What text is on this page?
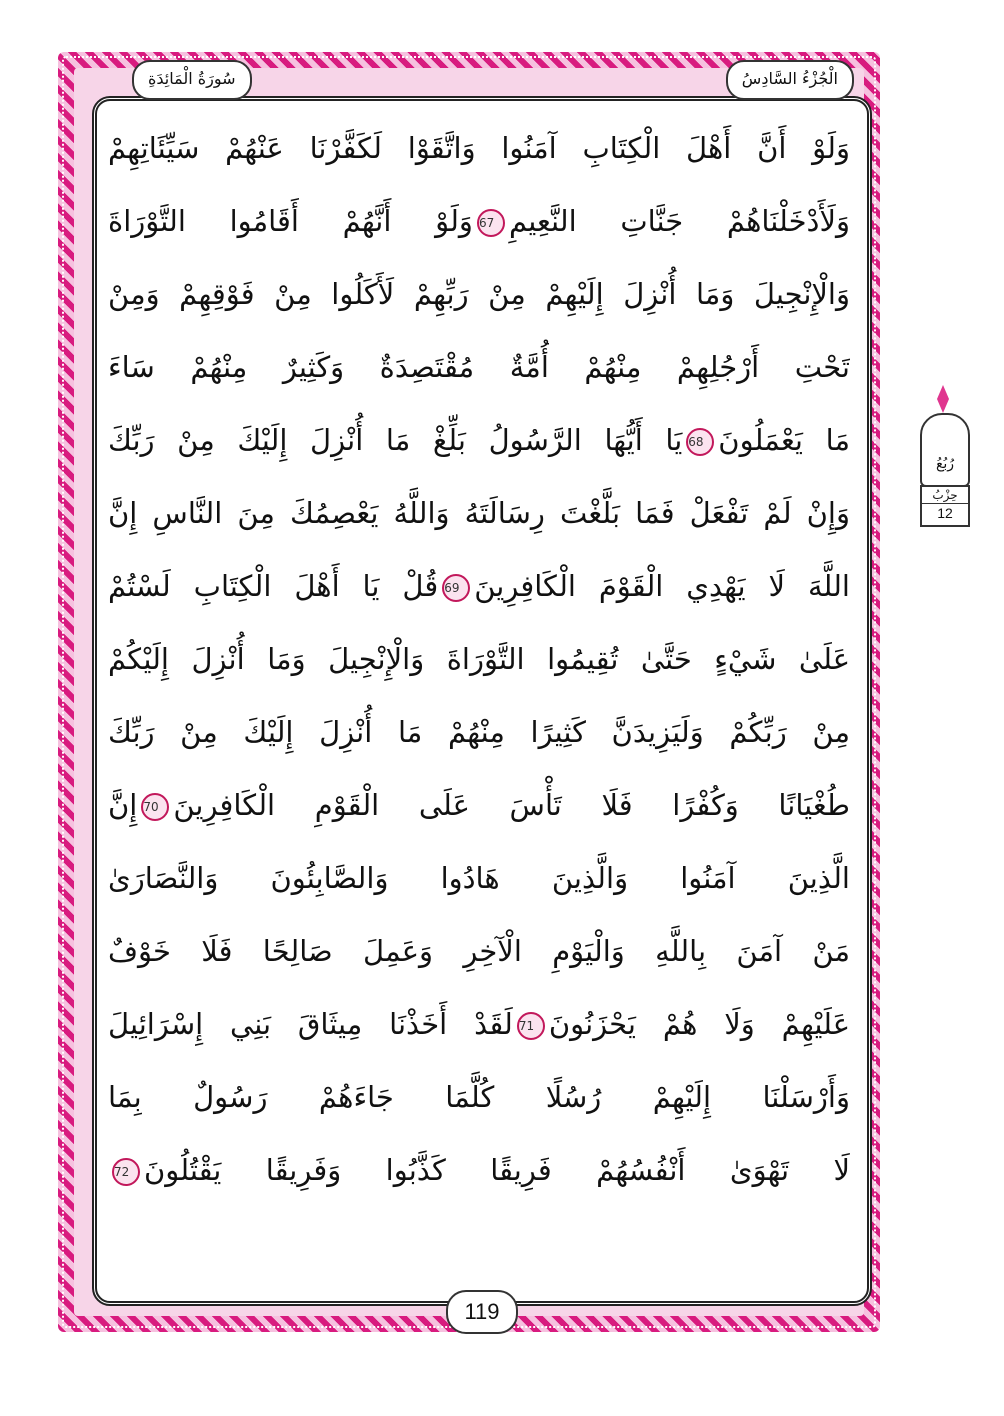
الْجُزْءُ السَّادِسُ
سُورَةُ الْمَائِدَةِ
وَلَوْ أَنَّ أَهْلَ الْكِتَابِ آمَنُوا وَاتَّقَوْا لَكَفَّرْنَا عَنْهُمْ سَيِّئَاتِهِمْ
وَلَأَدْخَلْنَاهُمْ جَنَّاتِ النَّعِيمِ67وَلَوْ أَنَّهُمْ أَقَامُوا التَّوْرَاةَ
وَالْإِنْجِيلَ وَمَا أُنْزِلَ إِلَيْهِمْ مِنْ رَبِّهِمْ لَأَكَلُوا مِنْ فَوْقِهِمْ وَمِنْ
تَحْتِ أَرْجُلِهِمْ مِنْهُمْ أُمَّةٌ مُقْتَصِدَةٌ وَكَثِيرٌ مِنْهُمْ سَاءَ
مَا يَعْمَلُونَ68يَا أَيُّهَا الرَّسُولُ بَلِّغْ مَا أُنْزِلَ إِلَيْكَ مِنْ رَبِّكَ
وَإِنْ لَمْ تَفْعَلْ فَمَا بَلَّغْتَ رِسَالَتَهُ وَاللَّهُ يَعْصِمُكَ مِنَ النَّاسِ إِنَّ
اللَّهَ لَا يَهْدِي الْقَوْمَ الْكَافِرِينَ69قُلْ يَا أَهْلَ الْكِتَابِ لَسْتُمْ
عَلَىٰ شَيْءٍ حَتَّىٰ تُقِيمُوا التَّوْرَاةَ وَالْإِنْجِيلَ وَمَا أُنْزِلَ إِلَيْكُمْ
مِنْ رَبِّكُمْ وَلَيَزِيدَنَّ كَثِيرًا مِنْهُمْ مَا أُنْزِلَ إِلَيْكَ مِنْ رَبِّكَ
طُغْيَانًا وَكُفْرًا فَلَا تَأْسَ عَلَى الْقَوْمِ الْكَافِرِينَ70إِنَّ
الَّذِينَ آمَنُوا وَالَّذِينَ هَادُوا وَالصَّابِئُونَ وَالنَّصَارَىٰ
مَنْ آمَنَ بِاللَّهِ وَالْيَوْمِ الْآخِرِ وَعَمِلَ صَالِحًا فَلَا خَوْفٌ
عَلَيْهِمْ وَلَا هُمْ يَحْزَنُونَ71لَقَدْ أَخَذْنَا مِيثَاقَ بَنِي إِسْرَائِيلَ
وَأَرْسَلْنَا إِلَيْهِمْ رُسُلًا كُلَّمَا جَاءَهُمْ رَسُولٌ بِمَا
لَا تَهْوَىٰ أَنْفُسُهُمْ فَرِيقًا كَذَّبُوا وَفَرِيقًا يَقْتُلُونَ72
119
رُبُعُ
حِزْبُ
12
